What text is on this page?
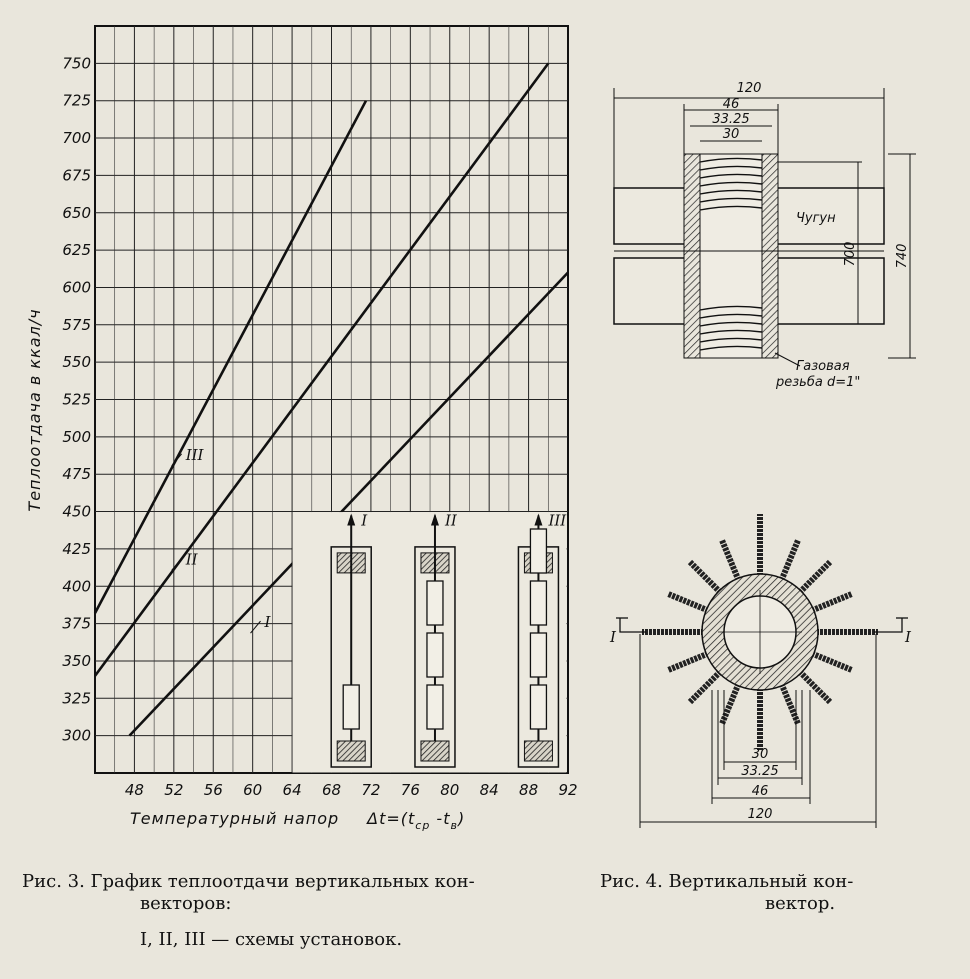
300
325
350
375
400
425
450
475
500
525
550
575
600
625
650
675
700
725
750
48 52 56 60 64 68 72 76 80 84 88 92
I
II
III
I	II	III
Теплоотдача в ккал/ч
Температурный напор $\Delta t=(t_{ср}$ $-t_в$)
120
46
33.25
30
700	740
Чугун
Газовая
резьба d=1"
I	I
30
33.25
46
120
Рис. 3. График теплоотдачи вертикальных кон-
векторов:
I, II, III — схемы установок.
Рис. 4. Вертикальный кон-
вектор.
